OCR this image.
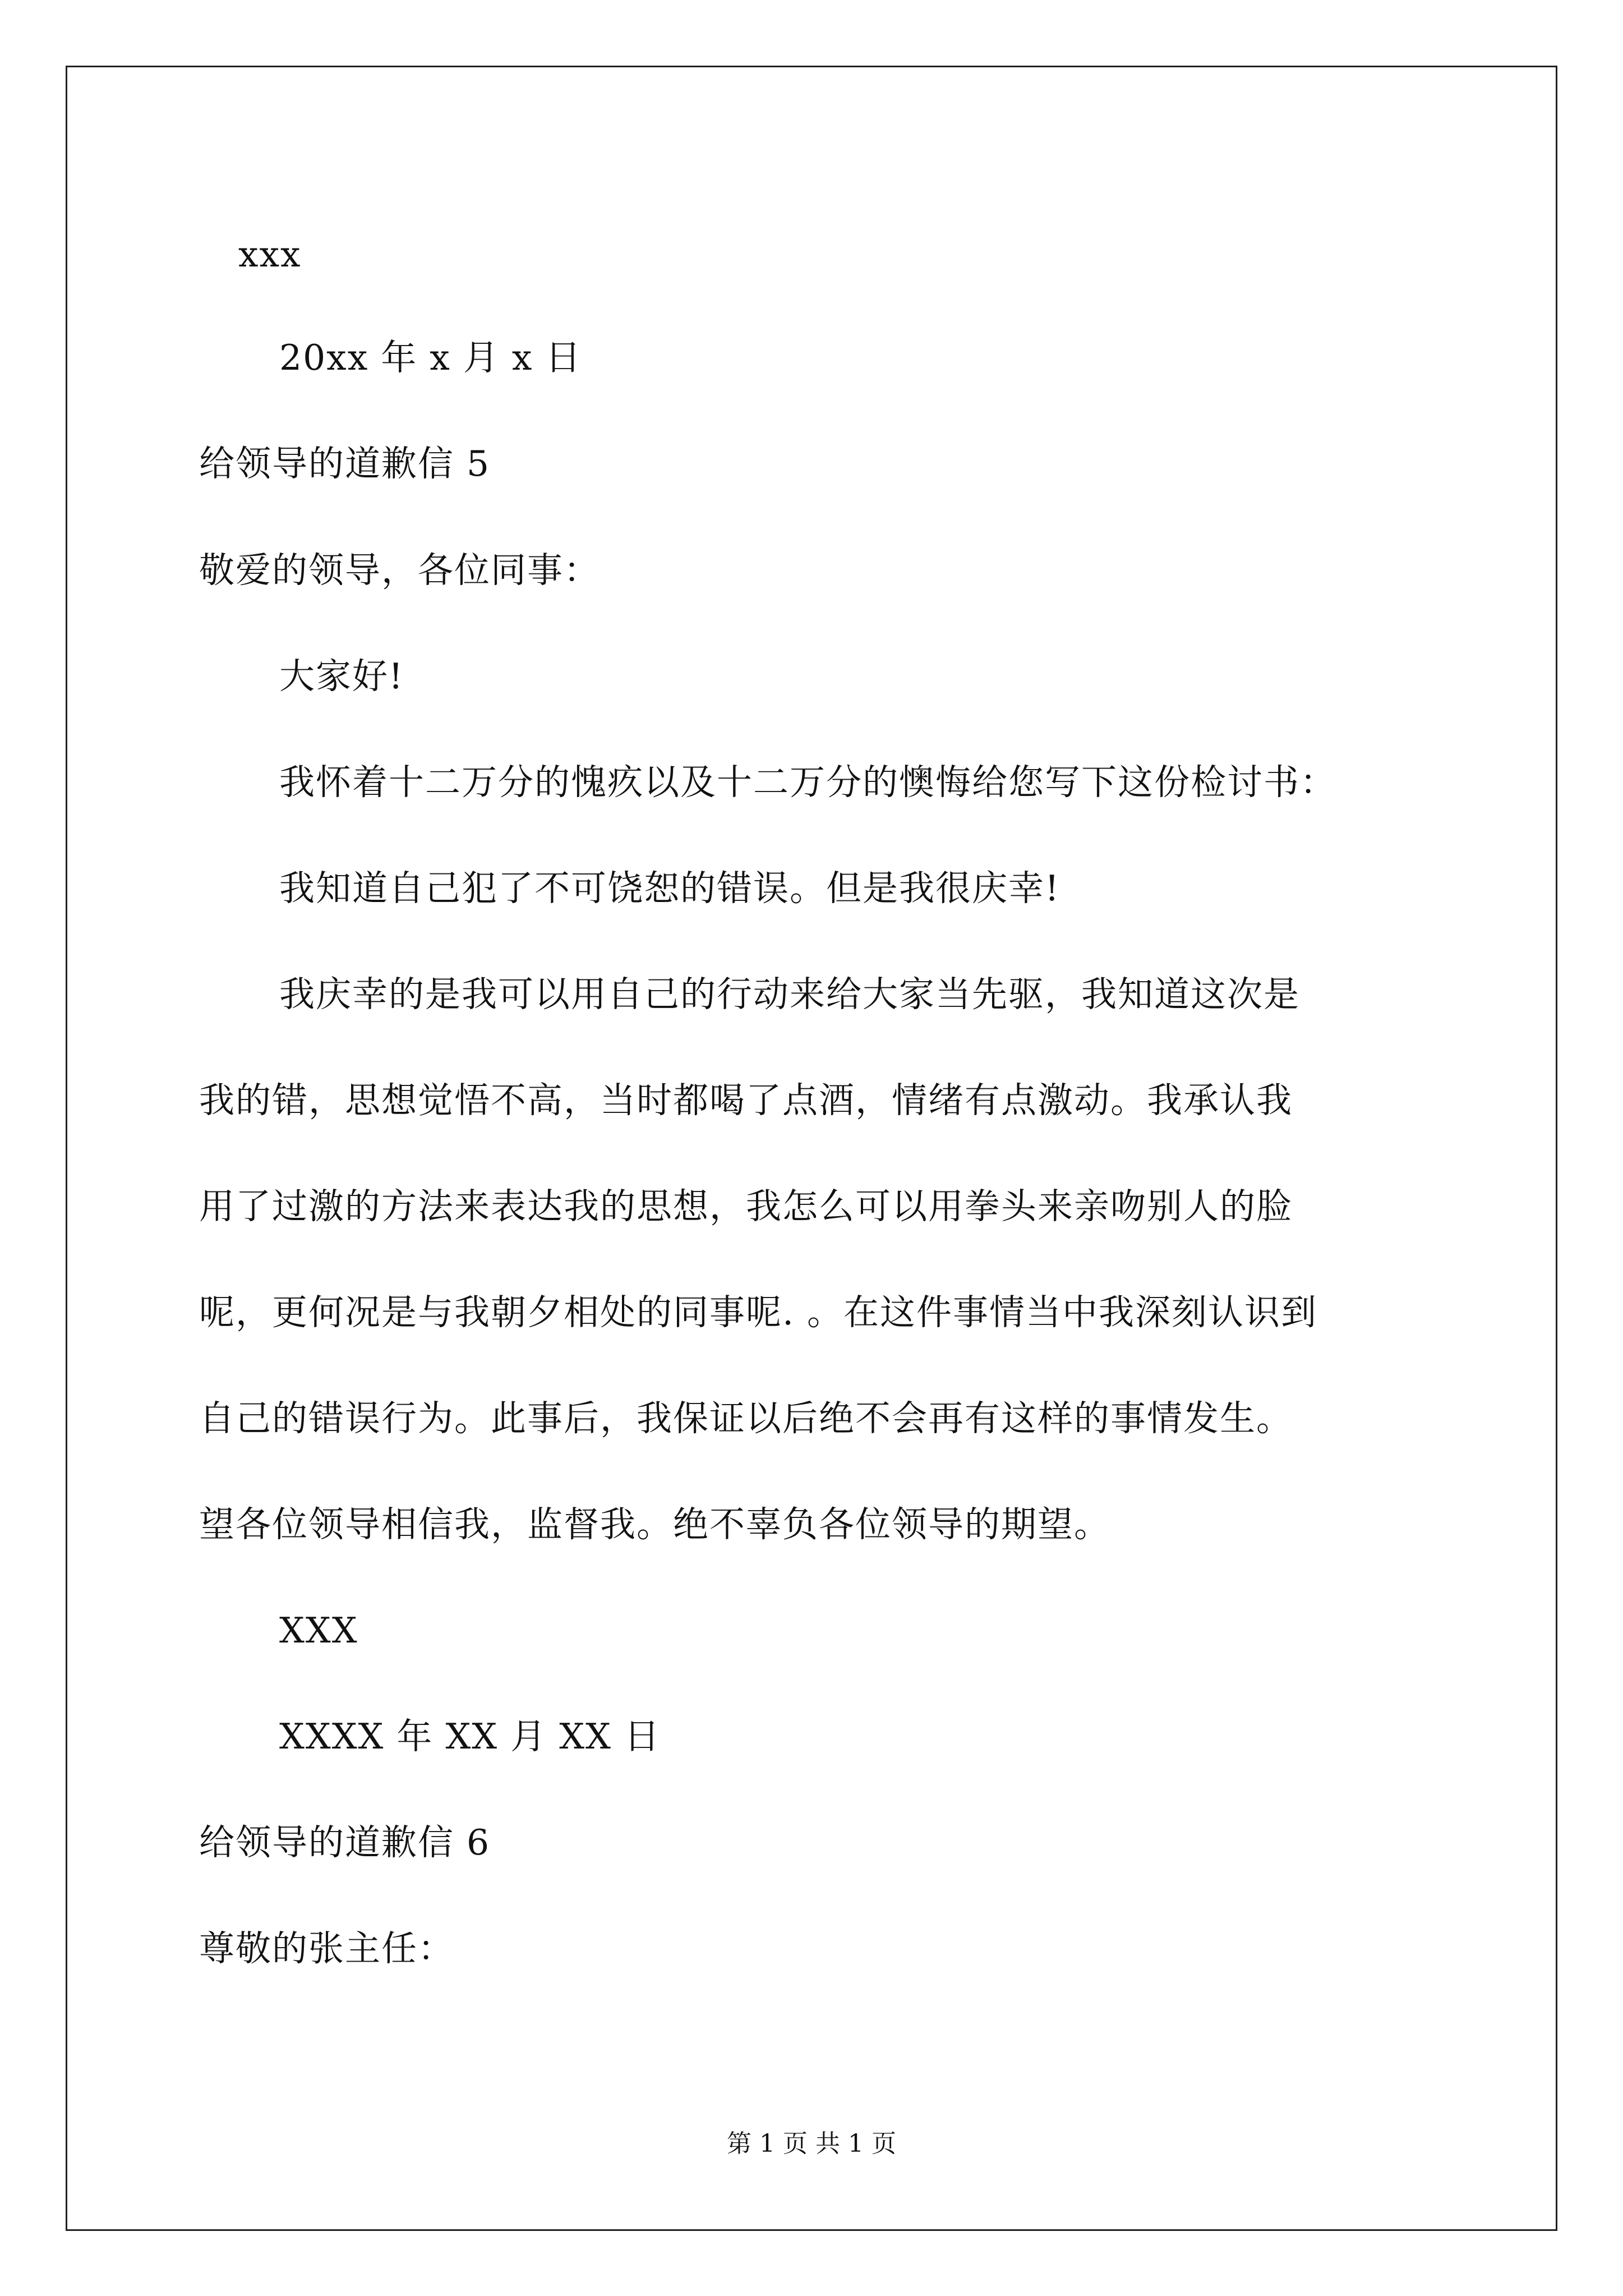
xxx
20xx 年 x 月 x 日
给领导的道歉信 5
敬爱的领导，各位同事：
大家好!
我怀着十二万分的愧疚以及十二万分的懊悔给您写下这份检讨书：
我知道自己犯了不可饶恕的错误。但是我很庆幸!
我庆幸的是我可以用自己的行动来给大家当先驱，我知道这次是
我的错，思想觉悟不高，当时都喝了点酒，情绪有点激动。我承认我
用了过激的方法来表达我的思想，我怎么可以用拳头来亲吻别人的脸
呢，更何况是与我朝夕相处的同事呢. 。在这件事情当中我深刻认识到
自己的错误行为。此事后，我保证以后绝不会再有这样的事情发生。
望各位领导相信我，监督我。绝不辜负各位领导的期望。
XXX
XXXX 年 XX 月 XX 日
给领导的道歉信 6
尊敬的张主任：
第 1 页 共 1 页
